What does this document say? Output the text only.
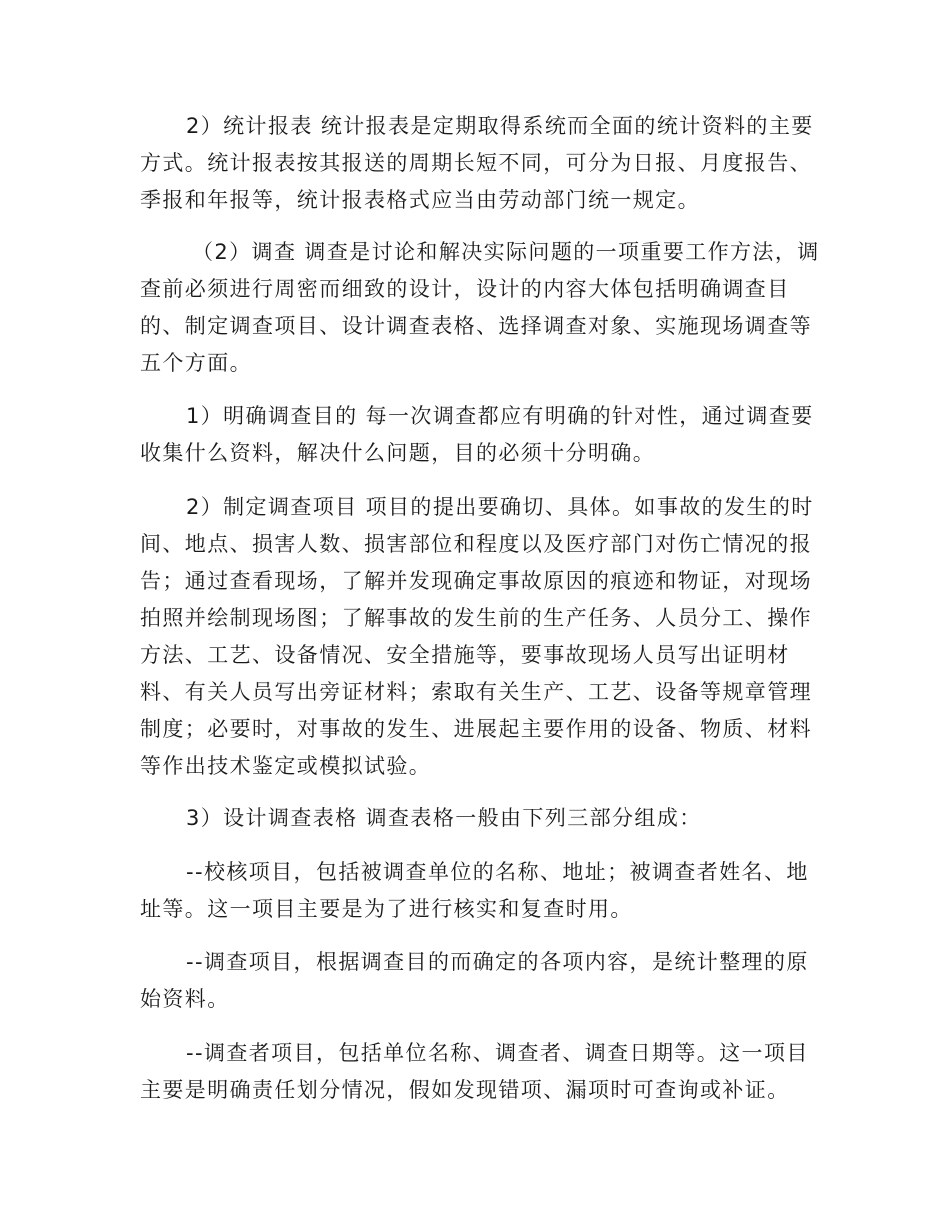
2）统计报表 统计报表是定期取得系统而全面的统计资料的主要
方式。统计报表按其报送的周期长短不同，可分为日报、月度报告、
季报和年报等，统计报表格式应当由劳动部门统一规定。
（2）调查 调查是讨论和解决实际问题的一项重要工作方法，调
查前必须进行周密而细致的设计，设计的内容大体包括明确调查目
的、制定调查项目、设计调查表格、选择调查对象、实施现场调查等
五个方面。
1）明确调查目的 每一次调查都应有明确的针对性，通过调查要
收集什么资料，解决什么问题，目的必须十分明确。
2）制定调查项目 项目的提出要确切、具体。如事故的发生的时
间、地点、损害人数、损害部位和程度以及医疗部门对伤亡情况的报
告；通过查看现场，了解并发现确定事故原因的痕迹和物证，对现场
拍照并绘制现场图；了解事故的发生前的生产任务、人员分工、操作
方法、工艺、设备情况、安全措施等，要事故现场人员写出证明材
料、有关人员写出旁证材料；索取有关生产、工艺、设备等规章管理
制度；必要时，对事故的发生、进展起主要作用的设备、物质、材料
等作出技术鉴定或模拟试验。
3）设计调查表格 调查表格一般由下列三部分组成：
--校核项目，包括被调查单位的名称、地址；被调查者姓名、地
址等。这一项目主要是为了进行核实和复查时用。
--调查项目，根据调查目的而确定的各项内容，是统计整理的原
始资料。
--调查者项目，包括单位名称、调查者、调查日期等。这一项目
主要是明确责任划分情况，假如发现错项、漏项时可查询或补证。
